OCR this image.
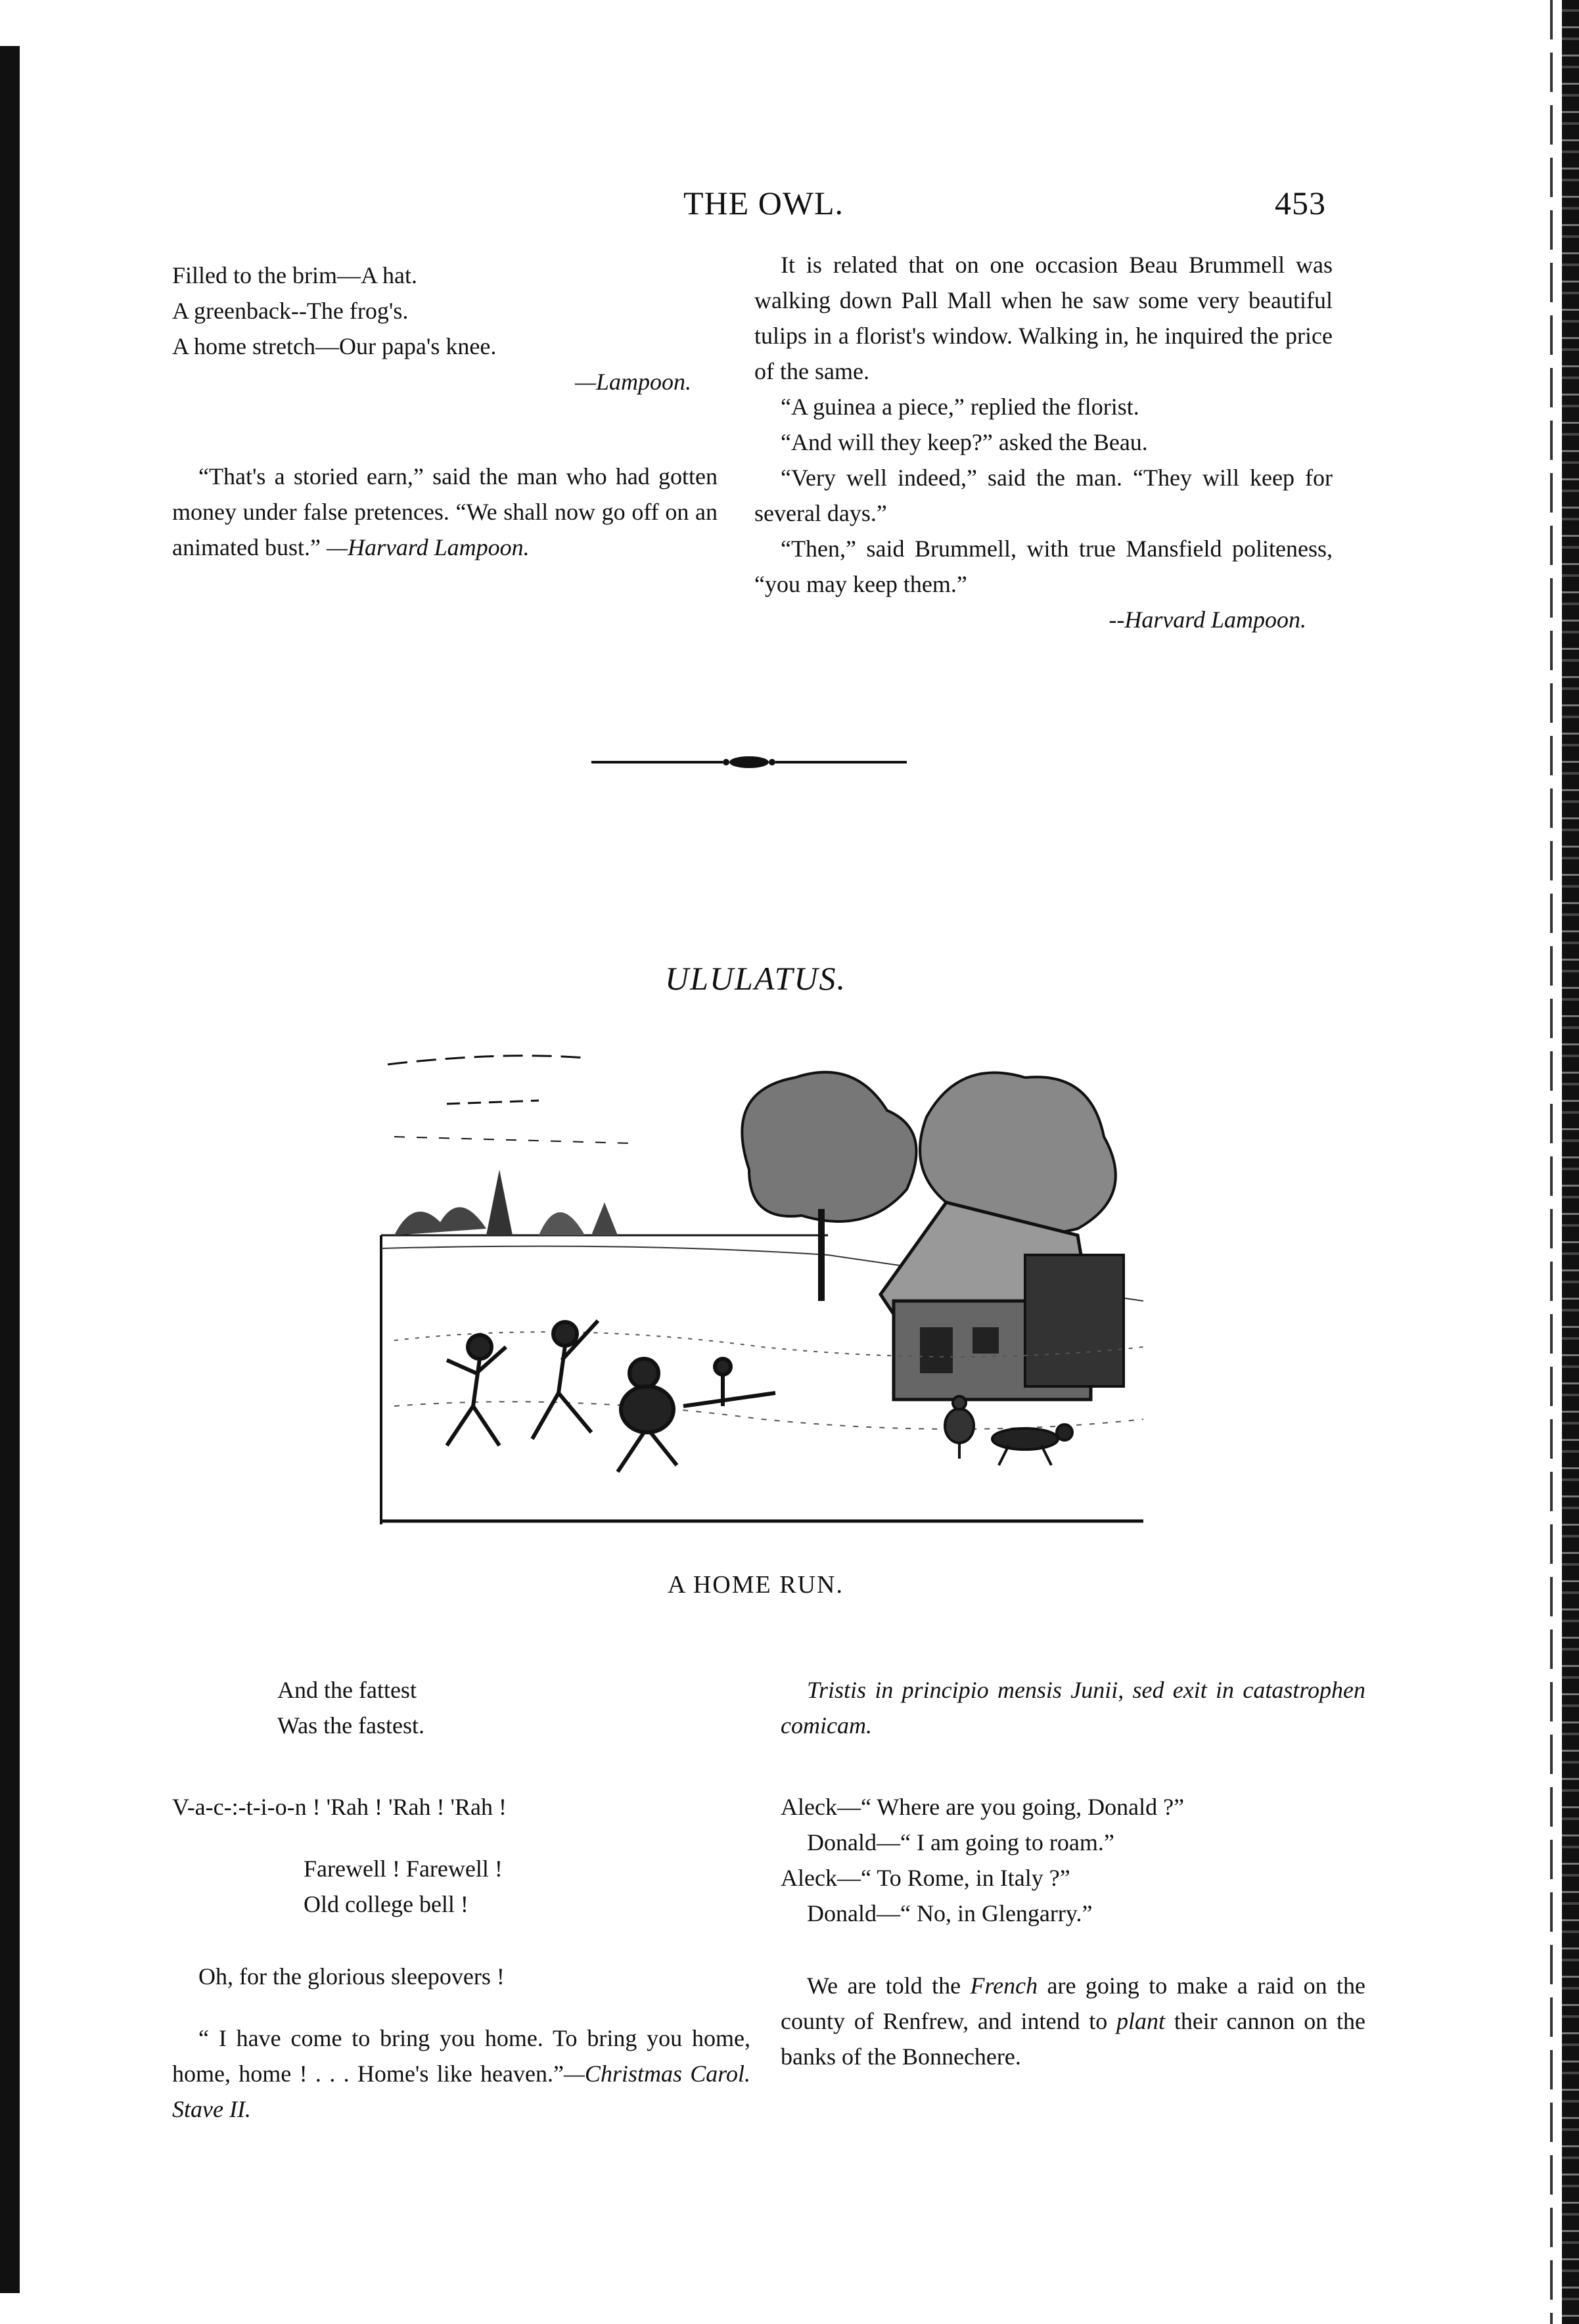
THE OWL.	453

Filled to the brim—A hat.

A greenback--The frog's.

A home stretch—Our papa's knee.

—Lampoon.

“That's a storied earn,” said the man who had gotten money under false pretences. “We shall now go off on an animated bust.” —Harvard Lampoon.

It is related that on one occasion Beau Brummell was walking down Pall Mall when he saw some very beautiful tulips in a florist's window. Walking in, he inquired the price of the same.

“A guinea a piece,” replied the florist.

“And will they keep?” asked the Beau.

“Very well indeed,” said the man. “They will keep for several days.”

“Then,” said Brummell, with true Mansfield politeness, “you may keep them.”

--Harvard Lampoon.

ULULATUS.
A HOME RUN.

And the fattest

Was the fastest.

V-a-c-:-t-i-o-n ! 'Rah ! 'Rah ! 'Rah !

Farewell ! Farewell !

Old college bell !

Oh, for the glorious sleepovers !

“ I have come to bring you home. To bring you home, home, home ! . . . Home's like heaven.”—Christmas Carol. Stave II.

Tristis in principio mensis Junii, sed exit in catastrophen comicam.

Aleck—“ Where are you going, Donald ?”

Donald—“ I am going to roam.”

Aleck—“ To Rome, in Italy ?”

Donald—“ No, in Glengarry.”

We are told the French are going to make a raid on the county of Renfrew, and intend to plant their cannon on the banks of the Bonnechere.
